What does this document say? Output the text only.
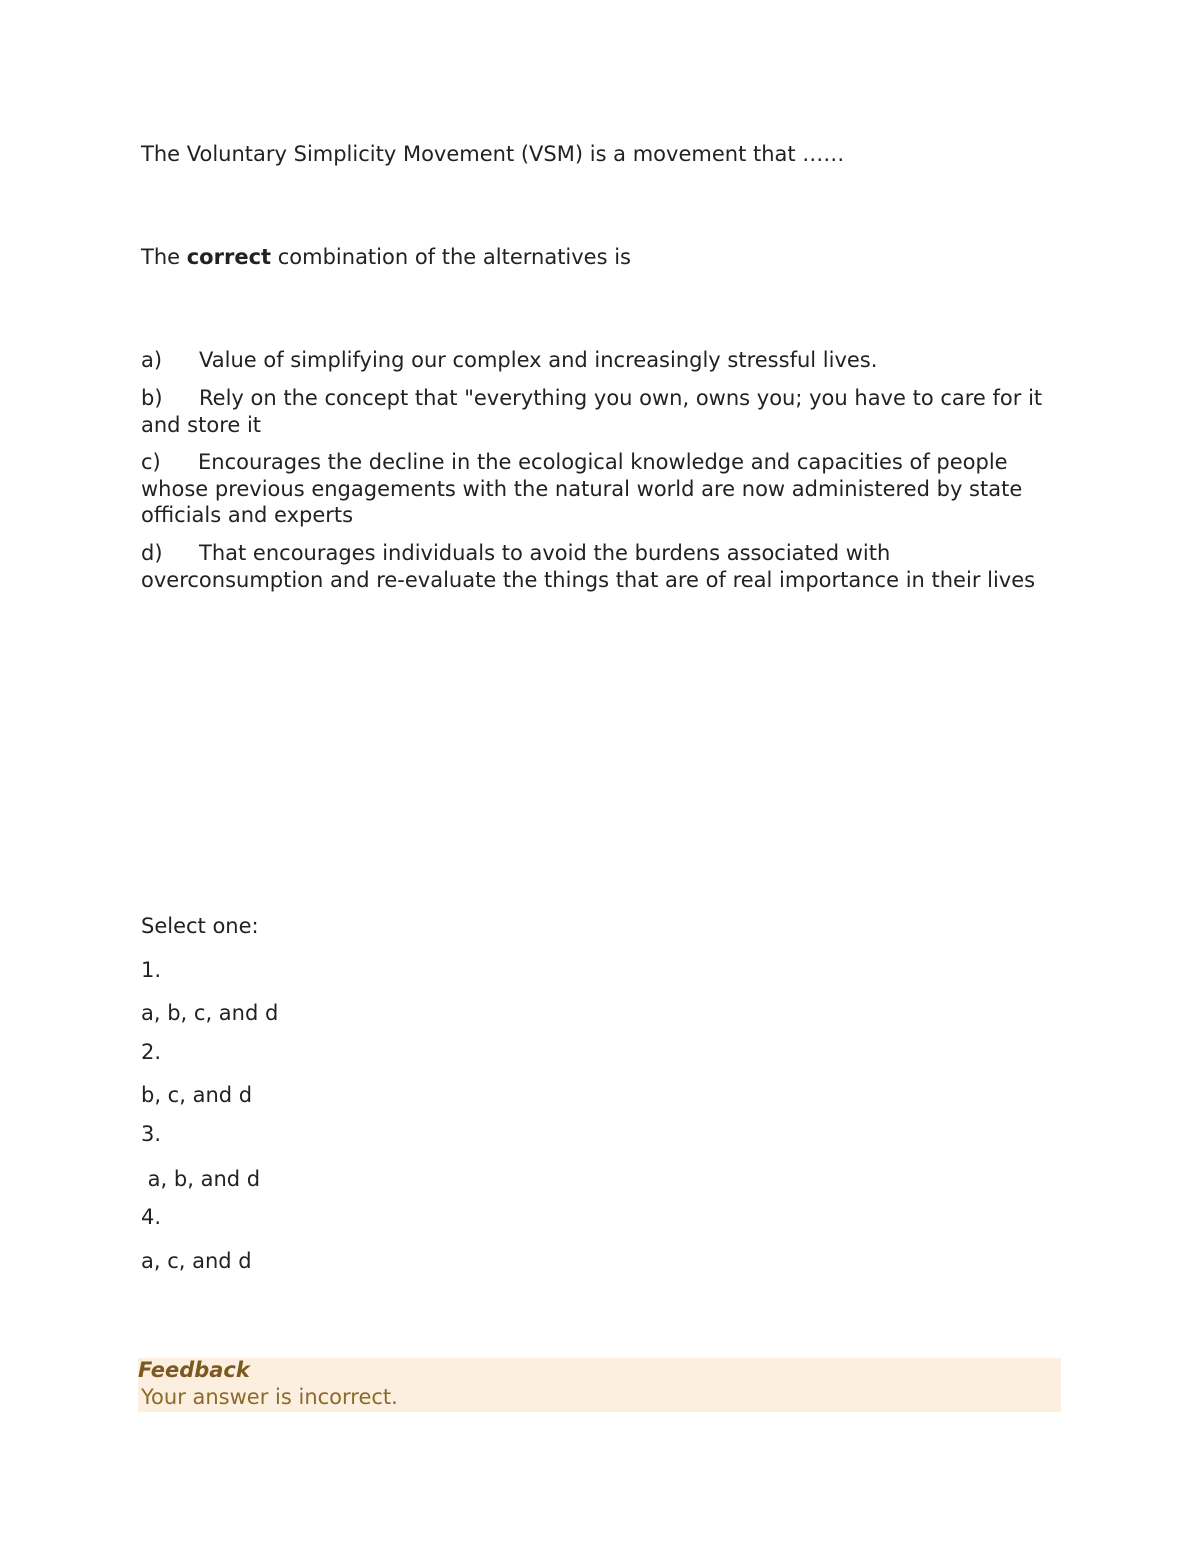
The Voluntary Simplicity Movement (VSM) is a movement that ……
The correct combination of the alternatives is
a) Value of simplifying our complex and increasingly stressful lives.
b) Rely on the concept that "everything you own, owns you; you have to care for it and store it
c) Encourages the decline in the ecological knowledge and capacities of people whose previous engagements with the natural world are now administered by state officials and experts
d) That encourages individuals to avoid the burdens associated with overconsumption and re-evaluate the things that are of real importance in their lives
Select one:
1.
a, b, c, and d
2.
b, c, and d
3.
a, b, and d
4.
a, c, and d
Feedback
Your answer is incorrect.
